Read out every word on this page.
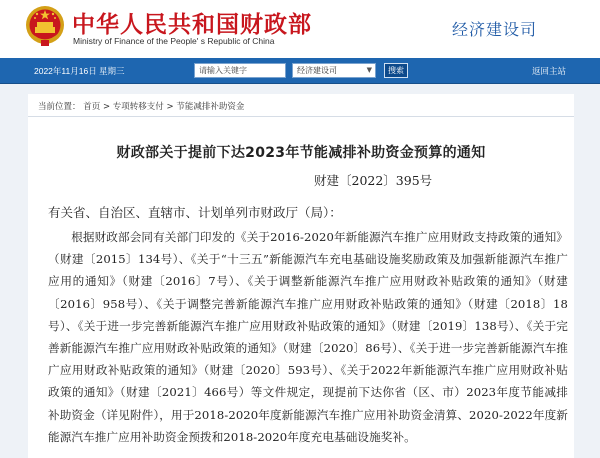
中华人民共和国财政部
Ministry of Finance of the People' s Republic of China
经济建设司
2022年11月16日 星期三
请输入关键字	经济建设司	▼	搜索	返回主站
当前位置： 首页 > 专项转移支付 > 节能减排补助资金
财政部关于提前下达2023年节能减排补助资金预算的通知
财建〔2022〕395号
有关省、自治区、直辖市、计划单列市财政厅（局）：
根据财政部会同有关部门印发的《关于2016-2020年新能源汽车推广应用财政支持政策的通知》（财建〔2015〕134号）、《关于“十三五”新能源汽车充电基础设施奖励政策及加强新能源汽车推广应用的通知》（财建〔2016〕7号）、《关于调整新能源汽车推广应用财政补贴政策的通知》（财建〔2016〕958号）、《关于调整完善新能源汽车推广应用财政补贴政策的通知》（财建〔2018〕18号）、《关于进一步完善新能源汽车推广应用财政补贴政策的通知》（财建〔2019〕138号）、《关于完善新能源汽车推广应用财政补贴政策的通知》（财建〔2020〕86号）、《关于进一步完善新能源汽车推广应用财政补贴政策的通知》（财建〔2020〕593号）、《关于2022年新能源汽车推广应用财政补贴政策的通知》（财建〔2021〕466号）等文件规定，现提前下达你省（区、市）2023年度节能减排补助资金（详见附件），用于2018-2020年度新能源汽车推广应用补助资金清算、2020-2022年度新能源汽车推广应用补助资金预拨和2018-2020年度充电基础设施奖补。
